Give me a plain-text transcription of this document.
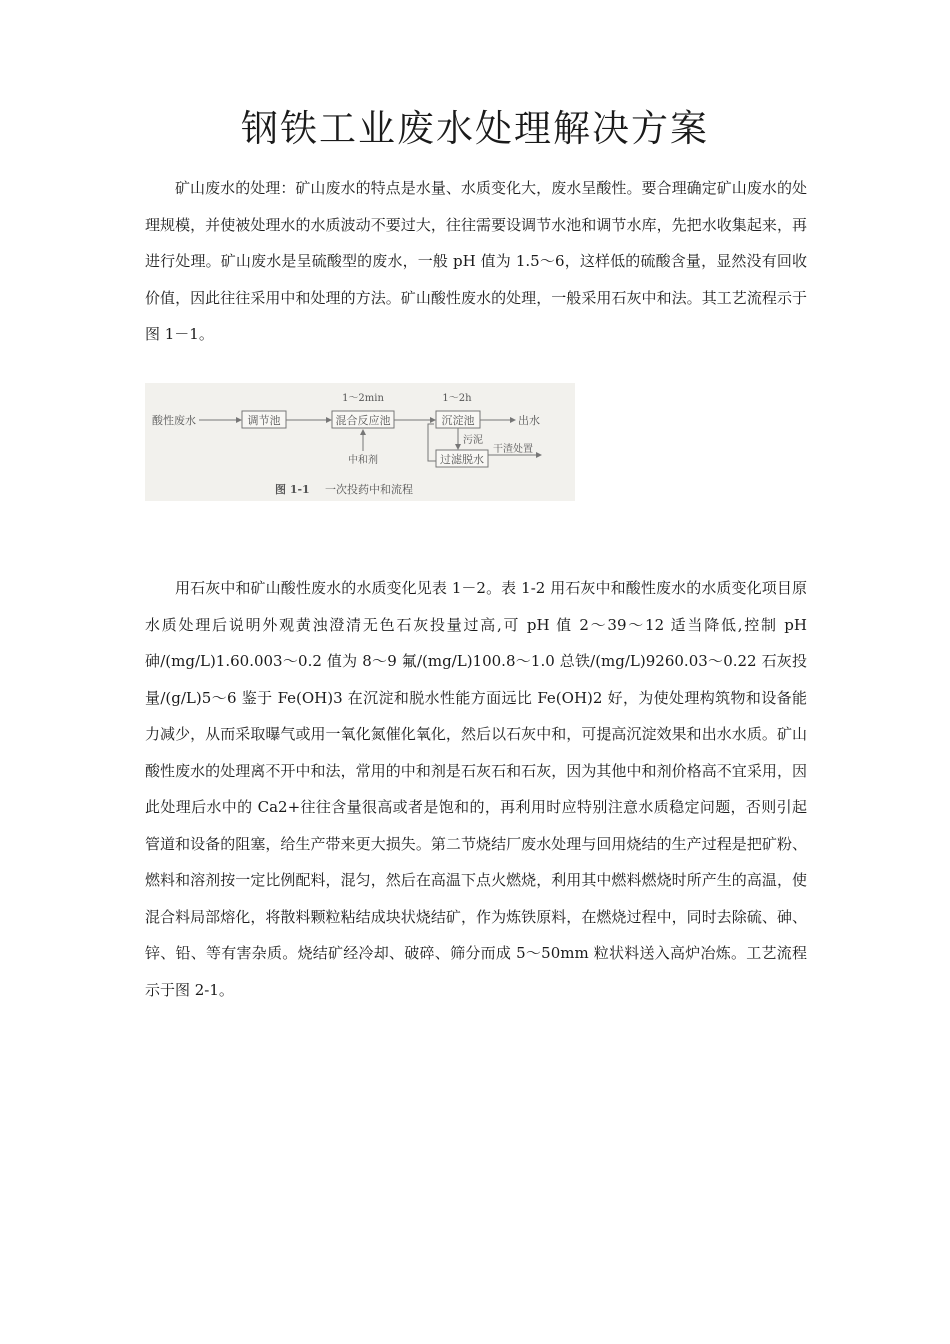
钢铁工业废水处理解决方案

矿山废水的处理：矿山废水的特点是水量、水质变化大，废水呈酸性。要合理确定矿山废水的处理规模，并使被处理水的水质波动不要过大，往往需要设调节水池和调节水库，先把水收集起来，再进行处理。矿山废水是呈硫酸型的废水，一般 pH 值为 1.5～6，这样低的硫酸含量，显然没有回收价值，因此往往采用中和处理的方法。矿山酸性废水的处理，一般采用石灰中和法。其工艺流程示于图 1－1。

酸性废水	调节池
1～2min
混合反应池
中和剂
1～2h
沉淀池	出水
污泥
过滤脱水
干渣处置
图 1-1 一次投药中和流程

用石灰中和矿山酸性废水的水质变化见表 1－2。表 1-2 用石灰中和酸性废水的水质变化项目原水质处理后说明外观黄浊澄清无色石灰投量过高,可 pH 值 2～39～12 适当降低,控制 pH 砷/(mg/L)1.60.003～0.2 值为 8～9 氟/(mg/L)100.8～1.0 总铁/(mg/L)9260.03～0.22 石灰投量/(g/L)5～6 鉴于 Fe(OH)3 在沉淀和脱水性能方面远比 Fe(OH)2 好，为使处理构筑物和设备能力减少，从而采取曝气或用一氧化氮催化氧化，然后以石灰中和，可提高沉淀效果和出水水质。矿山酸性废水的处理离不开中和法，常用的中和剂是石灰石和石灰，因为其他中和剂价格高不宜采用，因此处理后水中的 Ca2+往往含量很高或者是饱和的，再利用时应特别注意水质稳定问题，否则引起管道和设备的阻塞，给生产带来更大损失。第二节烧结厂废水处理与回用烧结的生产过程是把矿粉、燃料和溶剂按一定比例配料，混匀，然后在高温下点火燃烧，利用其中燃料燃烧时所产生的高温，使混合料局部熔化，将散料颗粒粘结成块状烧结矿，作为炼铁原料，在燃烧过程中，同时去除硫、砷、锌、铅、等有害杂质。烧结矿经冷却、破碎、筛分而成 5～50mm 粒状料送入高炉冶炼。工艺流程示于图 2-1。
